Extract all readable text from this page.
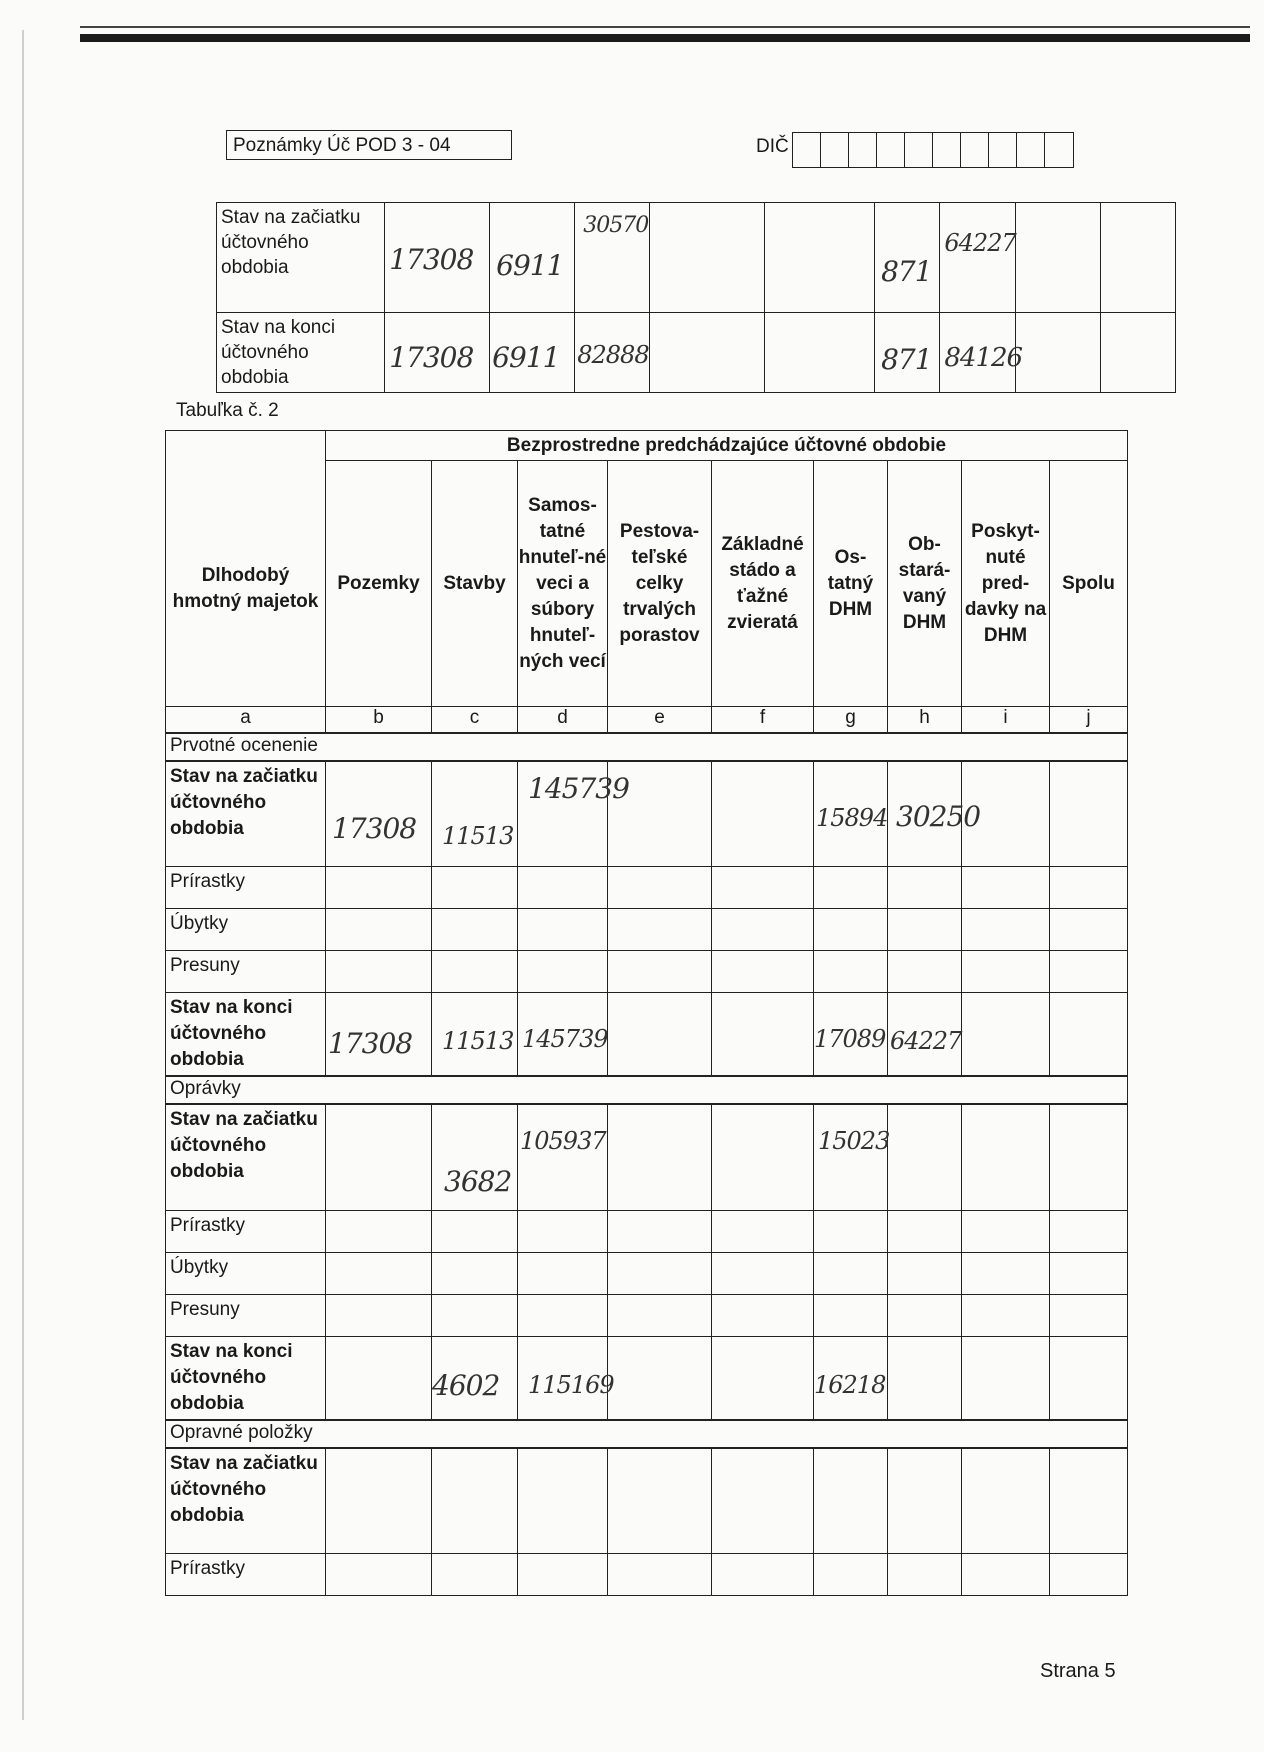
Poznámky Úč POD 3 - 04	DIČ
Stav na začiatku účtovného obdobia	17308	6911	30570			871	64227		

Stav na konci účtovného obdobia	17308	6911	82888			871	84126		

Tabuľka č. 2
Dlhodobý hmotný majetok	Bezprostredne predchádzajúce účtovné obdobie								
	Pozemky	Stavby	Samos-tatné hnuteľ-né veci a súbory hnuteľ-ných vecí	Pestova-teľské celky trvalých porastov	Základné stádo a ťažné zvieratá	Os-tatný DHM	Ob-stará-vaný DHM	Poskyt-nuté pred-davky na DHM	Spolu
a	b	c	d	e	f	g	h	i	j
Prvotné ocenenie									
Stav na začiatku účtovného obdobia	17308	11513	145739			15894	30250		

Prírastky									
Úbytky									
Presuny									
Stav na konci účtovného obdobia	17308	11513	145739			17089	64227		

Oprávky									
Stav na začiatku účtovného obdobia		3682	105937			15023			

Prírastky									
Úbytky									
Presuny									
Stav na konci účtovného obdobia		4602	115169			16218			

Opravné položky									
Stav na začiatku účtovného obdobia									
Prírastky									
Strana 5
